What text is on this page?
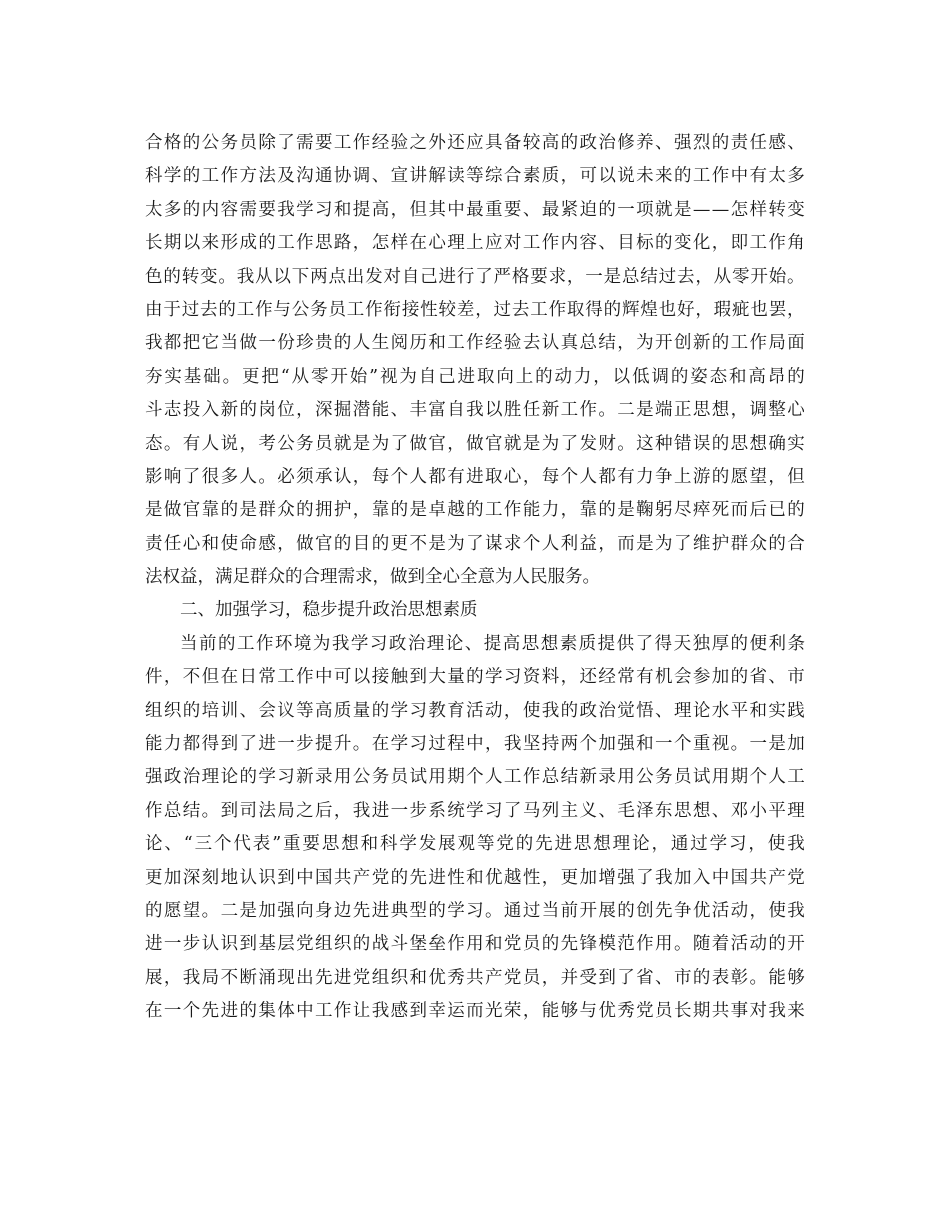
合 格 的 公 务 员 除 了 需 要 工 作 经 验 之 外 还 应 具 备 较 高 的 政 治 修 养 、 强 烈 的 责 任 感 、
科 学 的 工 作 方 法 及 沟 通 协 调 、 宣 讲 解 读 等 综 合 素 质 ， 可 以 说 未 来 的 工 作 中 有 太 多
太 多 的 内 容 需 要 我 学 习 和 提 高 ， 但 其 中 最 重 要 、 最 紧 迫 的 一 项 就 是 — — 怎 样 转 变
长 期 以 来 形 成 的 工 作 思 路 ， 怎 样 在 心 理 上 应 对 工 作 内 容 、 目 标 的 变 化 ， 即 工 作 角
色 的 转 变 。 我 从 以 下 两 点 出 发 对 自 己 进 行 了 严 格 要 求 ， 一 是 总 结 过 去 ， 从 零 开 始 。
由 于 过 去 的 工 作 与 公 务 员 工 作 衔 接 性 较 差 ， 过 去 工 作 取 得 的 辉 煌 也 好 ， 瑕 疵 也 罢 ，
我 都 把 它 当 做 一 份 珍 贵 的 人 生 阅 历 和 工 作 经 验 去 认 真 总 结 ， 为 开 创 新 的 工 作 局 面
夯 实 基 础 。 更 把 “ 从 零 开 始 ” 视 为 自 己 进 取 向 上 的 动 力 ， 以 低 调 的 姿 态 和 高 昂 的
斗 志 投 入 新 的 岗 位 ， 深 掘 潜 能 、 丰 富 自 我 以 胜 任 新 工 作 。 二 是 端 正 思 想 ， 调 整 心
态 。 有 人 说 ， 考 公 务 员 就 是 为 了 做 官 ， 做 官 就 是 为 了 发 财 。 这 种 错 误 的 思 想 确 实
影 响 了 很 多 人 。 必 须 承 认 ， 每 个 人 都 有 进 取 心 ， 每 个 人 都 有 力 争 上 游 的 愿 望 ， 但
是 做 官 靠 的 是 群 众 的 拥 护 ， 靠 的 是 卓 越 的 工 作 能 力 ， 靠 的 是 鞠 躬 尽 瘁 死 而 后 已 的
责 任 心 和 使 命 感 ， 做 官 的 目 的 更 不 是 为 了 谋 求 个 人 利 益 ， 而 是 为 了 维 护 群 众 的 合
法权益，满足群众的合理需求，做到全心全意为人民服务。
二、加强学习，稳步提升政治思想素质
当 前 的 工 作 环 境 为 我 学 习 政 治 理 论 、 提 高 思 想 素 质 提 供 了 得 天 独 厚 的 便 利 条
件 ， 不 但 在 日 常 工 作 中 可 以 接 触 到 大 量 的 学 习 资 料 ， 还 经 常 有 机 会 参 加 的 省 、 市
组 织 的 培 训 、 会 议 等 高 质 量 的 学 习 教 育 活 动 ， 使 我 的 政 治 觉 悟 、 理 论 水 平 和 实 践
能 力 都 得 到 了 进 一 步 提 升 。 在 学 习 过 程 中 ， 我 坚 持 两 个 加 强 和 一 个 重 视 。 一 是 加
强 政 治 理 论 的 学 习 新 录 用 公 务 员 试 用 期 个 人 工 作 总 结 新 录 用 公 务 员 试 用 期 个 人 工
作 总 结 。 到 司 法 局 之 后 ， 我 进 一 步 系 统 学 习 了 马 列 主 义 、 毛 泽 东 思 想 、 邓 小 平 理
论 、 “ 三 个 代 表 ” 重 要 思 想 和 科 学 发 展 观 等 党 的 先 进 思 想 理 论 ， 通 过 学 习 ， 使 我
更 加 深 刻 地 认 识 到 中 国 共 产 党 的 先 进 性 和 优 越 性 ， 更 加 增 强 了 我 加 入 中 国 共 产 党
的 愿 望 。 二 是 加 强 向 身 边 先 进 典 型 的 学 习 。 通 过 当 前 开 展 的 创 先 争 优 活 动 ， 使 我
进 一 步 认 识 到 基 层 党 组 织 的 战 斗 堡 垒 作 用 和 党 员 的 先 锋 模 范 作 用 。 随 着 活 动 的 开
展 ， 我 局 不 断 涌 现 出 先 进 党 组 织 和 优 秀 共 产 党 员 ， 并 受 到 了 省 、 市 的 表 彰 。 能 够
在 一 个 先 进 的 集 体 中 工 作 让 我 感 到 幸 运 而 光 荣 ， 能 够 与 优 秀 党 员 长 期 共 事 对 我 来
